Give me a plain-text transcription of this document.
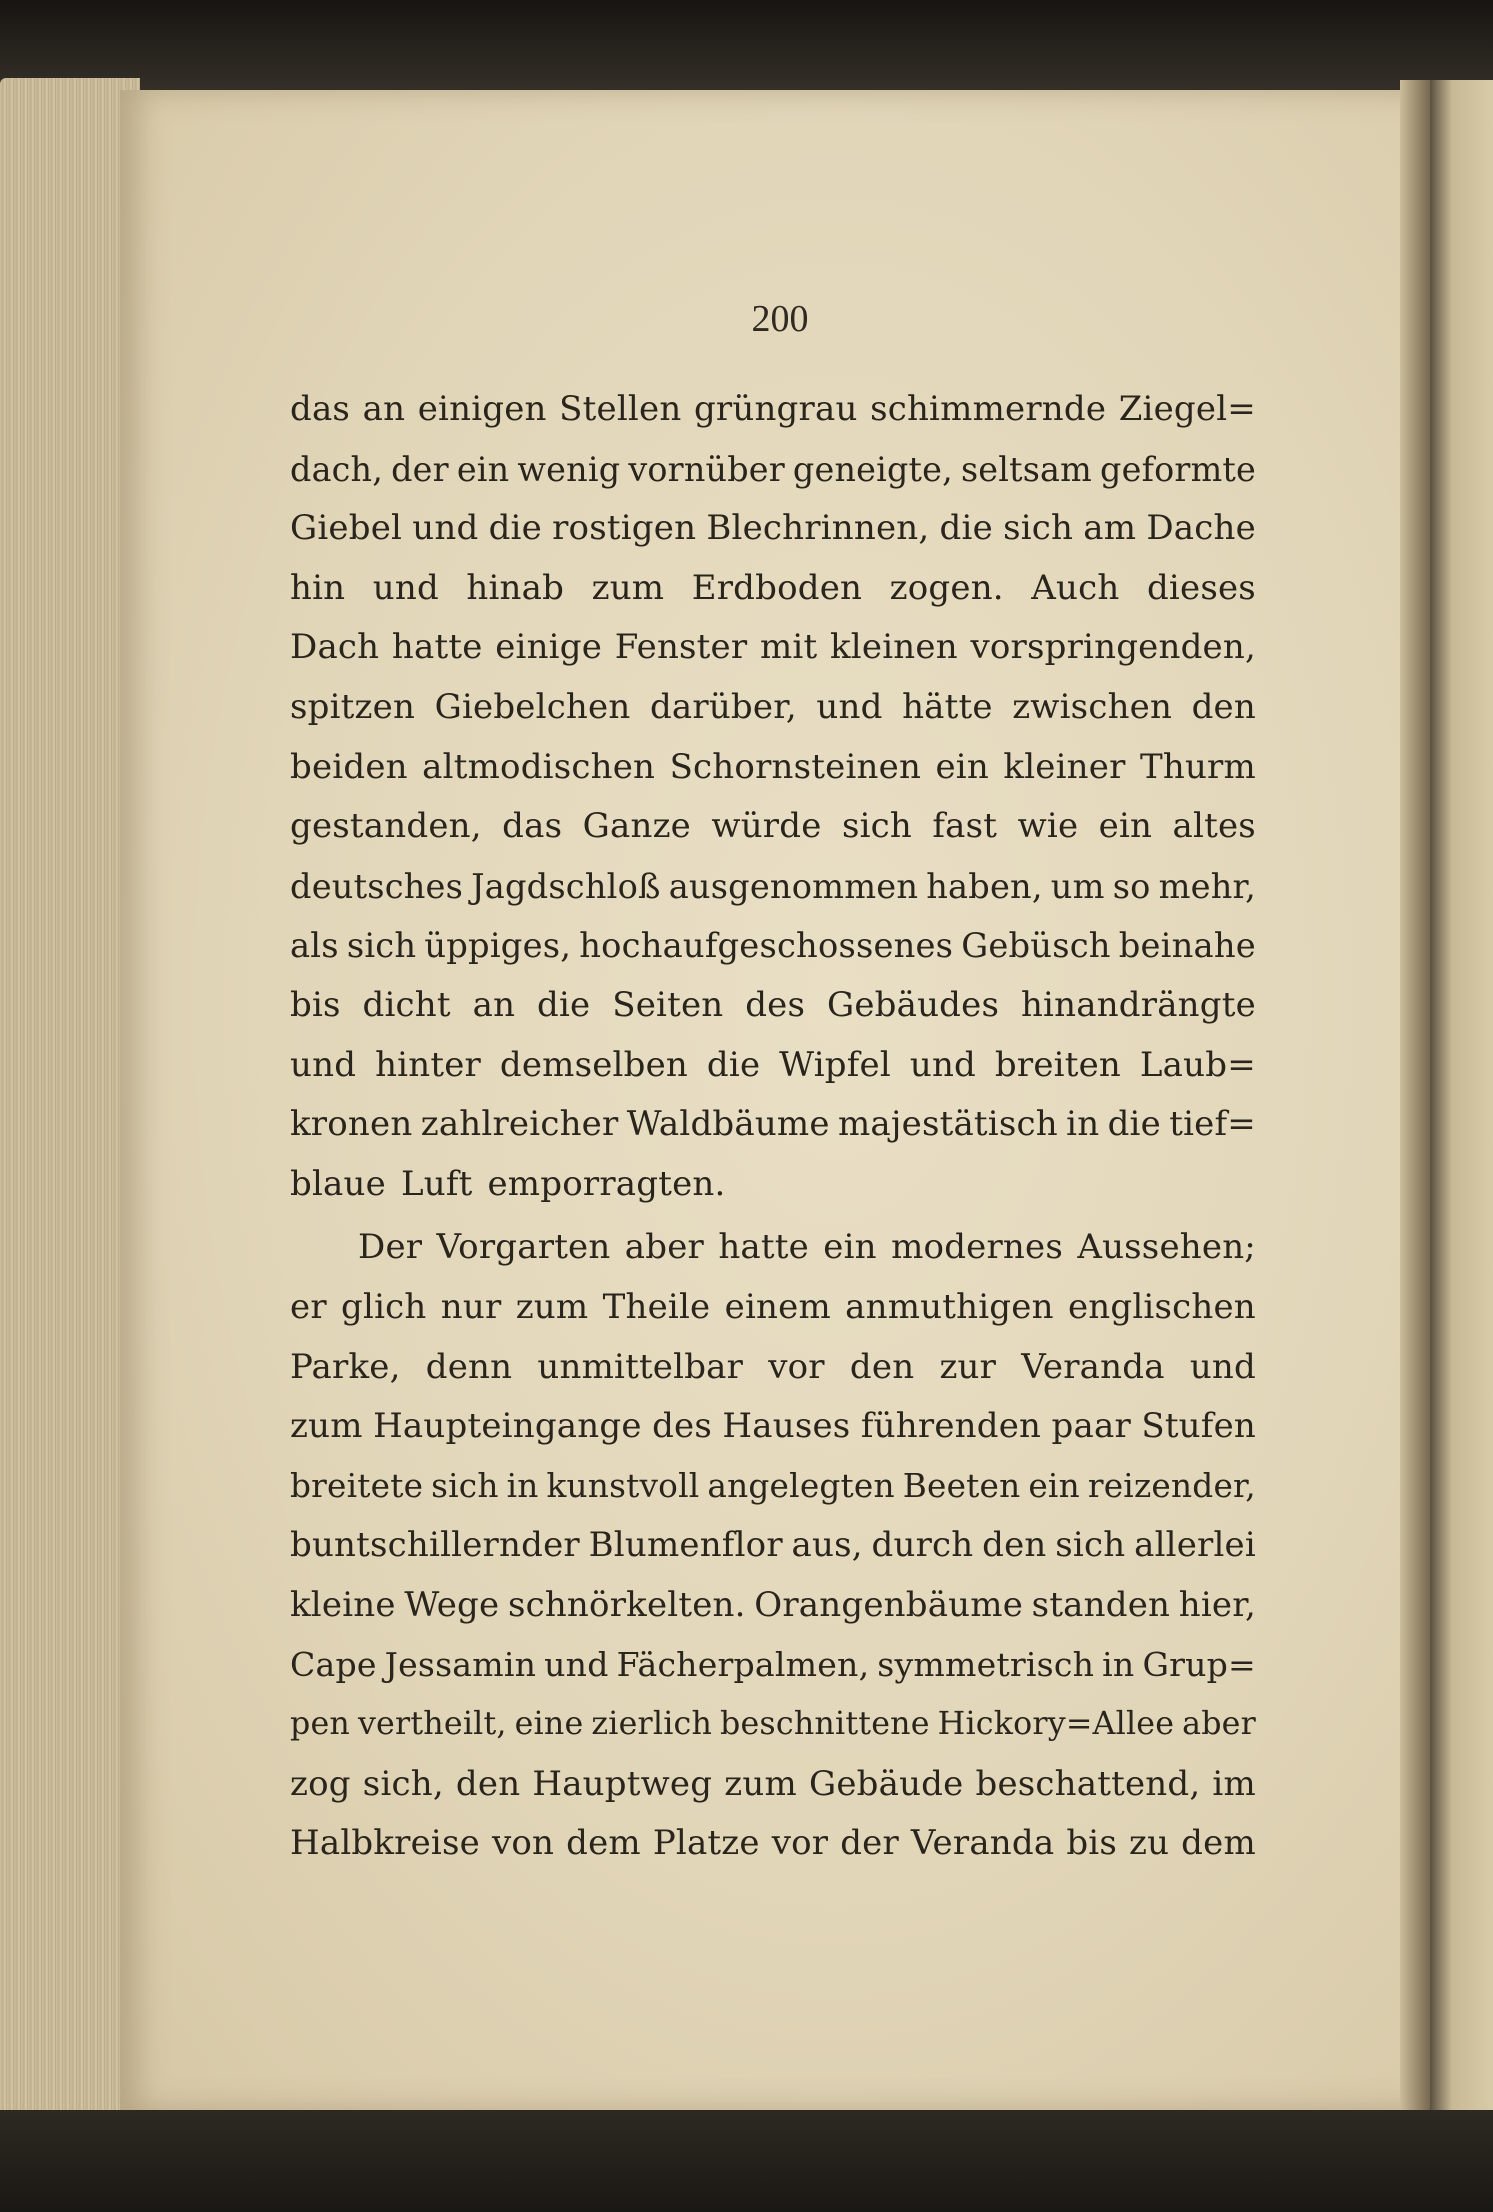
200

das an einigen Stellen grüngrau schimmernde Ziegel=
dach, der ein wenig vornüber geneigte, seltsam geformte
Giebel und die rostigen Blechrinnen, die sich am Dache
hin und hinab zum Erdboden zogen. Auch dieses
Dach hatte einige Fenster mit kleinen vorspringenden,
spitzen Giebelchen darüber, und hätte zwischen den
beiden altmodischen Schornsteinen ein kleiner Thurm
gestanden, das Ganze würde sich fast wie ein altes
deutsches Jagdschloß ausgenommen haben, um so mehr,
als sich üppiges, hochaufgeschossenes Gebüsch beinahe
bis dicht an die Seiten des Gebäudes hinandrängte
und hinter demselben die Wipfel und breiten Laub=
kronen zahlreicher Waldbäume majestätisch in die tief=
blaue Luft emporragten.
Der Vorgarten aber hatte ein modernes Aussehen;
er glich nur zum Theile einem anmuthigen englischen
Parke, denn unmittelbar vor den zur Veranda und
zum Haupteingange des Hauses führenden paar Stufen
breitete sich in kunstvoll angelegten Beeten ein reizender,
buntschillernder Blumenflor aus, durch den sich allerlei
kleine Wege schnörkelten. Orangenbäume standen hier,
Cape Jessamin und Fächerpalmen, symmetrisch in Grup=
pen vertheilt, eine zierlich beschnittene Hickory=Allee aber
zog sich, den Hauptweg zum Gebäude beschattend, im
Halbkreise von dem Platze vor der Veranda bis zu dem
